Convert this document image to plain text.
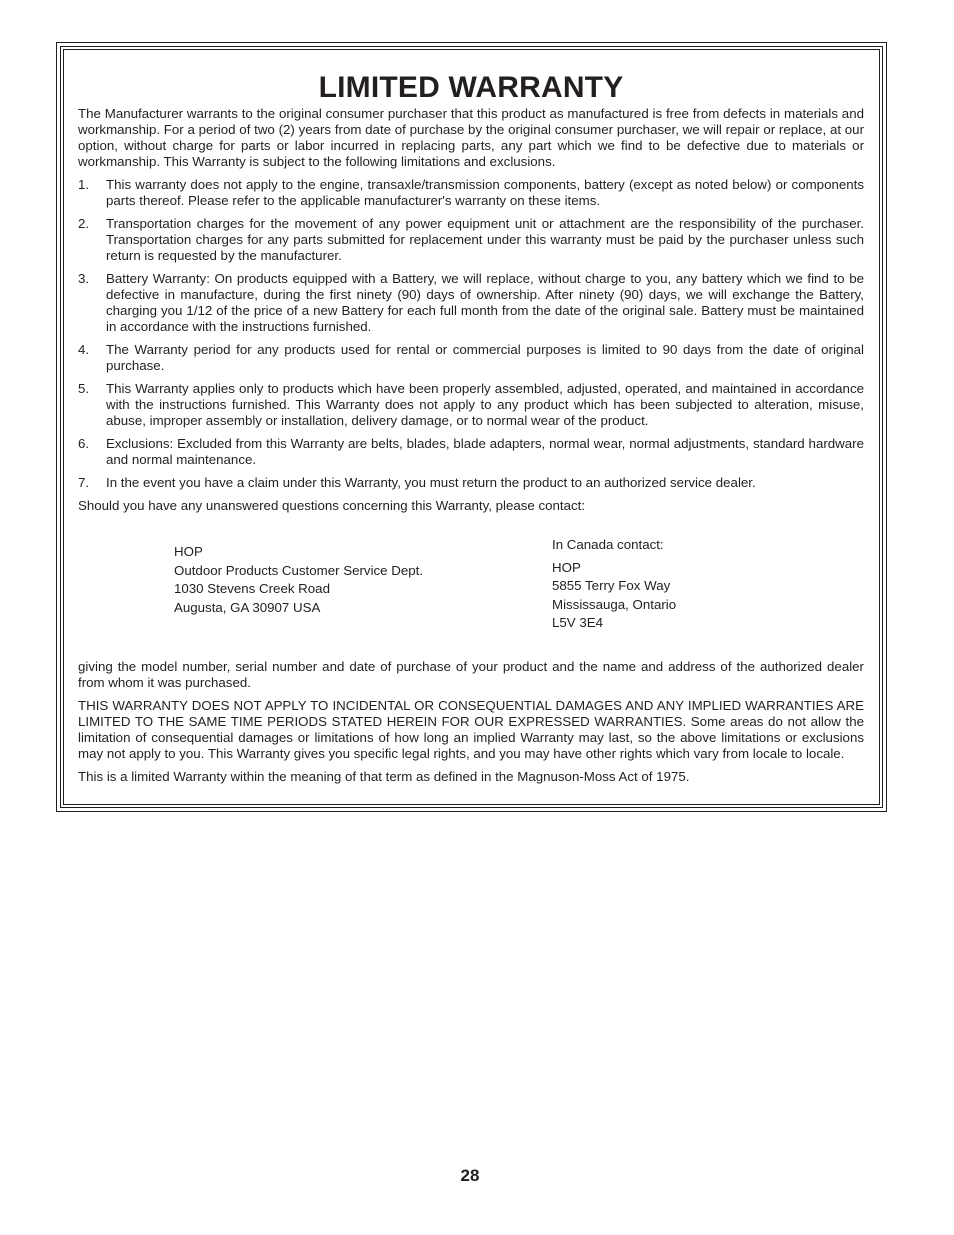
LIMITED WARRANTY

The Manufacturer warrants to the original consumer purchaser that this product as manufactured is free from defects in materials and workmanship. For a period of two (2) years from date of purchase by the original consumer purchaser, we will repair or replace, at our option, without charge for parts or labor incurred in replacing parts, any part which we find to be defective due to materials or workmanship. This Warranty is subject to the following limitations and exclusions.

1.	This warranty does not apply to the engine, transaxle/transmission components, battery (except as noted below) or components parts thereof. Please refer to the applicable manufacturer's warranty on these items.
2.	Transportation charges for the movement of any power equipment unit or attachment are the responsibility of the purchaser. Transportation charges for any parts submitted for replacement under this warranty must be paid by the purchaser unless such return is requested by the manufacturer.
3.	Battery Warranty: On products equipped with a Battery, we will replace, without charge to you, any battery which we find to be defective in manufacture, during the first ninety (90) days of ownership. After ninety (90) days, we will exchange the Battery, charging you 1/12 of the price of a new Battery for each full month from the date of the original sale. Battery must be maintained in accordance with the instructions furnished.
4.	The Warranty period for any products used for rental or commercial purposes is limited to 90 days from the date of original purchase.
5.	This Warranty applies only to products which have been properly assembled, adjusted, operated, and maintained in accordance with the instructions furnished. This Warranty does not apply to any product which has been subjected to alteration, misuse, abuse, improper assembly or installation, delivery damage, or to normal wear of the product.
6.	Exclusions: Excluded from this Warranty are belts, blades, blade adapters, normal wear, normal adjustments, standard hardware and normal maintenance.
7.	In the event you have a claim under this Warranty, you must return the product to an authorized service dealer.

Should you have any unanswered questions concerning this Warranty, please contact:

HOP
Outdoor Products Customer Service Dept.
1030 Stevens Creek Road
Augusta, GA 30907 USA
In Canada contact:
HOP
5855 Terry Fox Way
Mississauga, Ontario
L5V 3E4

giving the model number, serial number and date of purchase of your product and the name and address of the authorized dealer from whom it was purchased.

THIS WARRANTY DOES NOT APPLY TO INCIDENTAL OR CONSEQUENTIAL DAMAGES AND ANY IMPLIED WARRANTIES ARE LIMITED TO THE SAME TIME PERIODS STATED HEREIN FOR OUR EXPRESSED WARRANTIES. Some areas do not allow the limitation of consequential damages or limitations of how long an implied Warranty may last, so the above limitations or exclusions may not apply to you. This Warranty gives you specific legal rights, and you may have other rights which vary from locale to locale.

This is a limited Warranty within the meaning of that term as defined in the Magnuson-Moss Act of 1975.

28
